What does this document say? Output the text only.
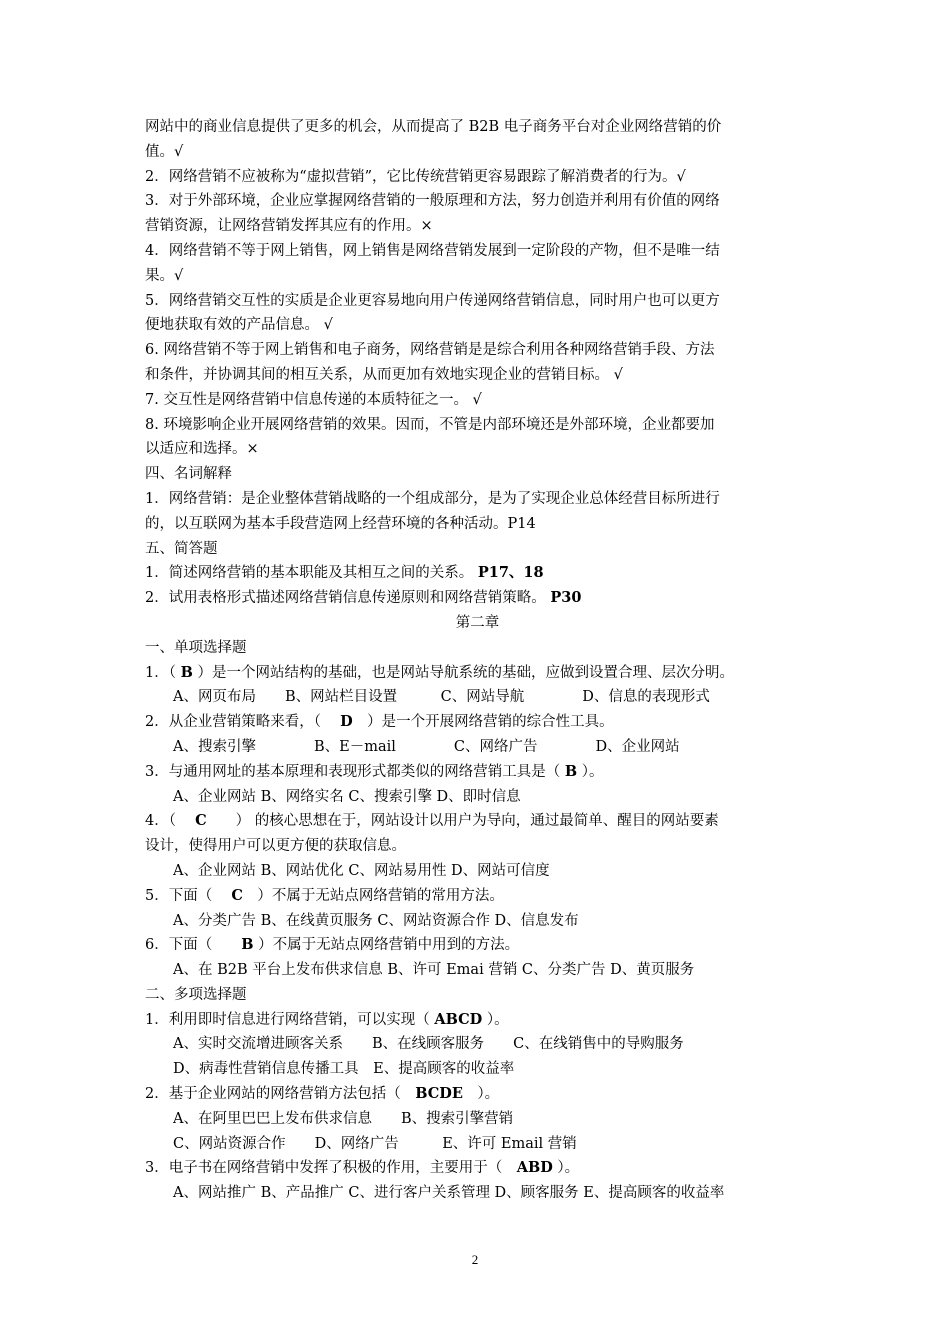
网站中的商业信息提供了更多的机会，从而提高了 B2B 电子商务平台对企业网络营销的价
值。√
2．网络营销不应被称为“虚拟营销”，它比传统营销更容易跟踪了解消费者的行为。√
3．对于外部环境，企业应掌握网络营销的一般原理和方法，努力创造并利用有价值的网络
营销资源，让网络营销发挥其应有的作用。×
4．网络营销不等于网上销售，网上销售是网络营销发展到一定阶段的产物，但不是唯一结
果。√
5．网络营销交互性的实质是企业更容易地向用户传递网络营销信息，同时用户也可以更方
便地获取有效的产品信息。 √
6. 网络营销不等于网上销售和电子商务，网络营销是是综合利用各种网络营销手段、方法
和条件，并协调其间的相互关系，从而更加有效地实现企业的营销目标。 √
7. 交互性是网络营销中信息传递的本质特征之一。 √
8. 环境影响企业开展网络营销的效果。因而，不管是内部环境还是外部环境，企业都要加
以适应和选择。×
四、名词解释
1．网络营销：是企业整体营销战略的一个组成部分，是为了实现企业总体经营目标所进行
的，以互联网为基本手段营造网上经营环境的各种活动。P14
五、简答题
1．简述网络营销的基本职能及其相互之间的关系。 P17、18
2．试用表格形式描述网络营销信息传递原则和网络营销策略。 P30
第二章
一、单项选择题
1．（ B ）是一个网站结构的基础，也是网站导航系统的基础，应做到设置合理、层次分明。
A、网页布局　　B、网站栏目设置　　　C、网站导航　　　　D、信息的表现形式
2．从企业营销策略来看，（　 D　）是一个开展网络营销的综合性工具。
A、搜索引擎　　　　B、E－mail　　　　C、网络广告　　　　D、企业网站
3．与通用网址的基本原理和表现形式都类似的网络营销工具是（ B ）。
A、企业网站 B、网络实名 C、搜索引擎 D、即时信息
4．（　 C　　） 的核心思想在于，网站设计以用户为导向，通过最简单、醒目的网站要素
设计，使得用户可以更方便的获取信息。
A、企业网站 B、网站优化 C、网站易用性 D、网站可信度
5．下面（　 C　）不属于无站点网络营销的常用方法。
A、分类广告 B、在线黄页服务 C、网站资源合作 D、信息发布
6．下面（　　B ）不属于无站点网络营销中用到的方法。
A、在 B2B 平台上发布供求信息 B、许可 Emai 营销 C、分类广告 D、黄页服务
二、多项选择题
1．利用即时信息进行网络营销，可以实现（ ABCD ）。
A、实时交流增进顾客关系　　B、在线顾客服务　　C、在线销售中的导购服务
D、病毒性营销信息传播工具　E、提高顾客的收益率
2．基于企业网站的网络营销方法包括（　BCDE　）。
A、在阿里巴巴上发布供求信息　　B、搜索引擎营销
C、网站资源合作　　D、网络广告　　　E、许可 Email 营销
3．电子书在网络营销中发挥了积极的作用，主要用于（　ABD ）。
A、网站推广 B、产品推广 C、进行客户关系管理 D、顾客服务 E、提高顾客的收益率
2
